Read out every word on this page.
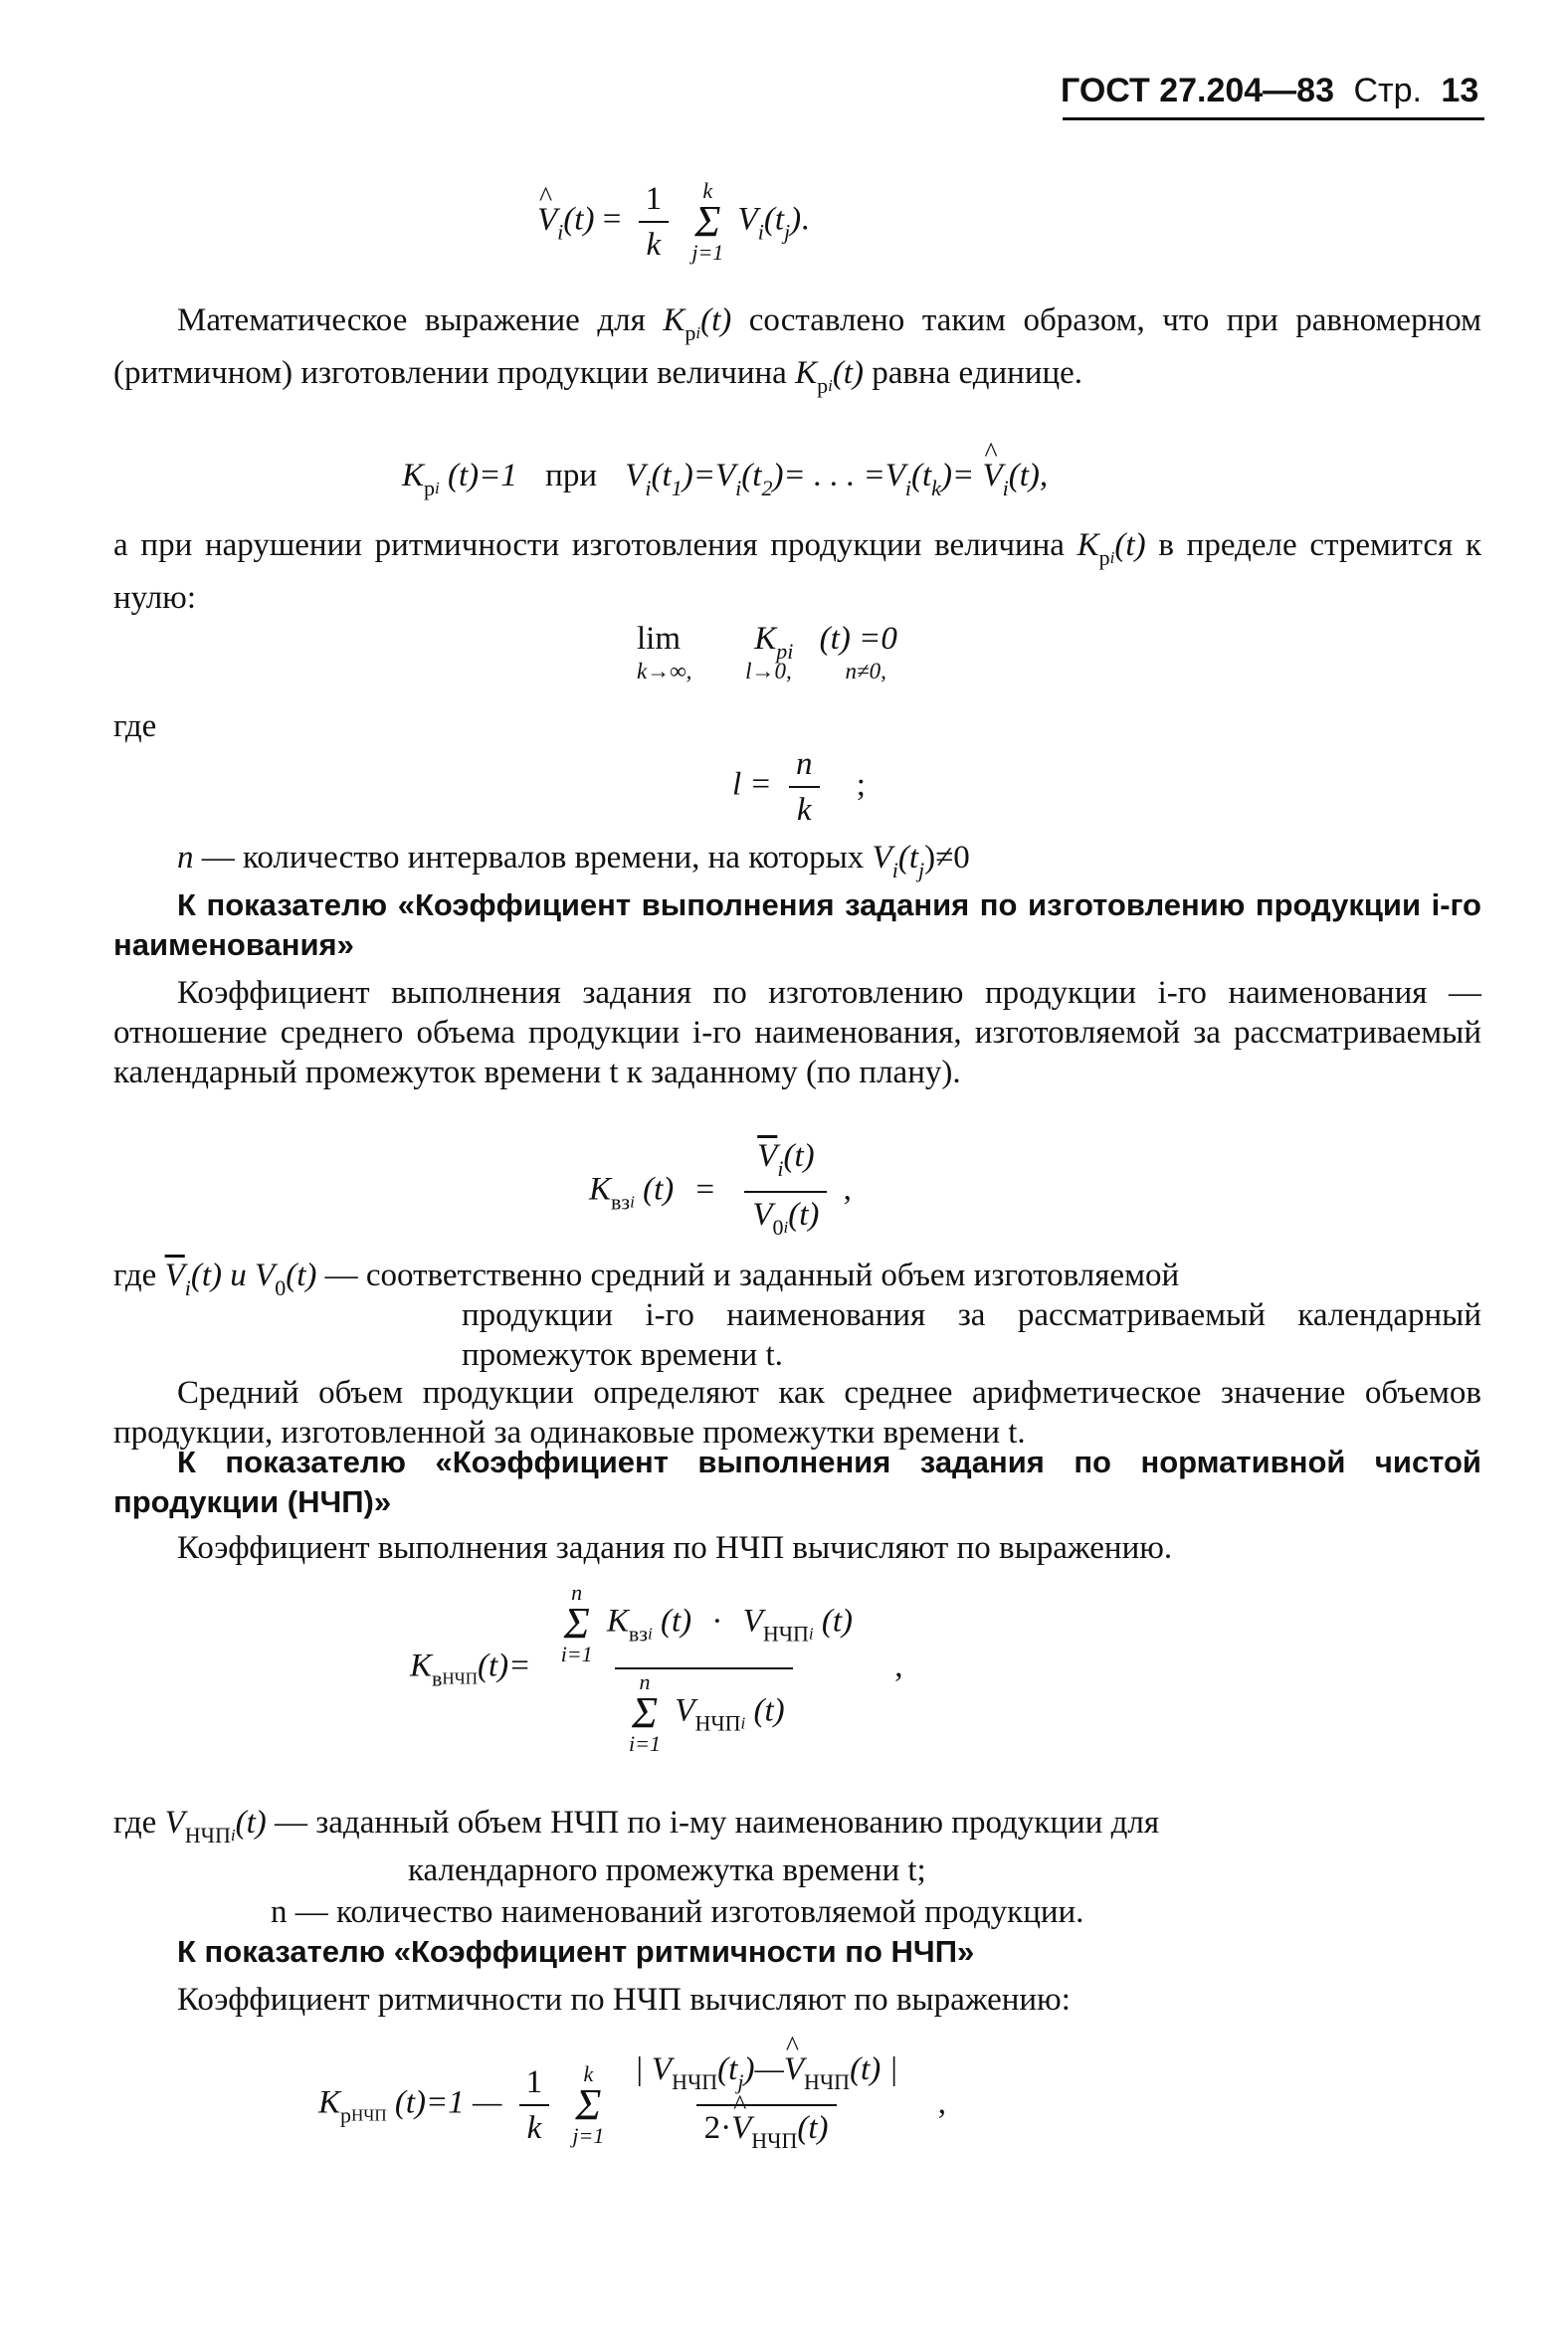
ГОСТ 27.204—83 Стр. 13
^ $V_i(t) = \frac{1}{k}$
k
Σ
j=1
$V_i(t_j)$.
Математическое выражение для $K_{pi}(t)$ составлено таким образом, что при равномерном (ритмичном) изготовлении продукции величина $K_{pi}(t)$ равна единице.
$K_{pi}$ (t)=1 при $V_i(t_1)=V_i(t_2)=$ . . . $=V_i(t_k)=$ ^ $V_i(t)$,
а при нарушении ритмичности изготовления продукции величина $K_{pi}(t)$ в пределе стремится к нулю:
$\lim K_{pi}$ (t) =0
k→∞, l→0, n≠0,
где
$l = \frac{n}{k}$ ;
n — количество интервалов времени, на которых $V_i(t_j)\ne 0$
К показателю «Коэффициент выполнения задания по изготовлению продукции i-го наименования»
Коэффициент выполнения задания по изготовлению продукции i-го наименования — отношение среднего объема продукции i-го наименования, изготовляемой за рассматриваемый календарный промежуток времени t к заданному (по плану).
$K_{взi}$ $(t) = \frac{\overline{V}_i(t)}{V_{0i}(t)}$ ,
где $\overline{V}_i(t)$ и $V_0(t)$ — соответственно средний и заданный объем изготовляемой
продукции i-го наименования за рассматриваемый календарный промежуток времени t.
Средний объем продукции определяют как среднее арифметическое значение объемов продукции, изготовленной за одинаковые промежутки времени t.
К показателю «Коэффициент выполнения задания по нормативной чистой продукции (НЧП)»
Коэффициент выполнения задания по НЧП вычисляют по выражению.
$K_{вНЧП}(t)= n$
Σ
i=1
$K_{взi}$ $(t) \cdot V_{НЧПi}$ (t)
n
Σ
i=1
$V_{НЧПi}$ (t) ,
где $V_{НЧПi}(t)$ — заданный объем НЧП по i-му наименованию продукции для
календарного промежутка времени t;
n — количество наименований изготовляемой продукции.
К показателю «Коэффициент ритмичности по НЧП»
Коэффициент ритмичности по НЧП вычисляют по выражению:
$K_{рНЧП}$ (t)=1 — $\frac{1}{k}$
k
Σ
j=1
$\frac{| V_{НЧП}(t_j)—\^{} V_{НЧП}(t) |}{2\cdot\^{} V_{НЧП}(t)}$ ,
